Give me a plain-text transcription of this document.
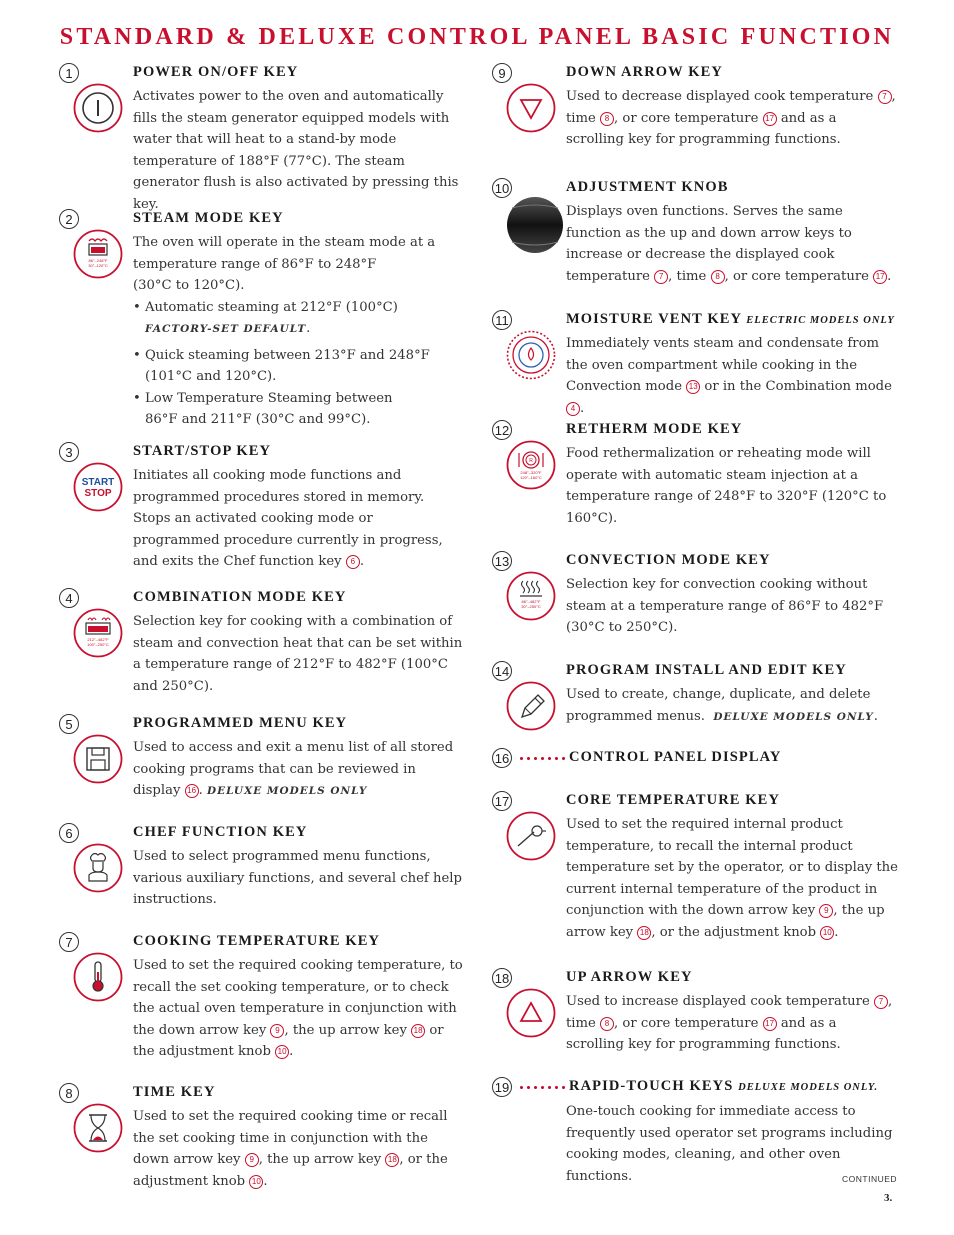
STANDARD & DELUXE CONTROL PANEL BASIC FUNCTION
1	POWER ON/OFF KEY
Activates power to the oven and automatically fills the steam generator equipped models with water that will heat to a stand-by mode temperature of 188°F (77°C). The steam generator flush is also activated by pressing this key.
2
86°–248°F
30°–120°C
STEAM MODE KEY

The oven will operate in the steam mode at a temperature range of 86°F to 248°F

(30°C to 120°C).

• Automatic steaming at 212°F (100°C)

FACTORY-SET DEFAULT.

• Quick steaming between 213°F and 248°F
(101°C and 120°C).
• Low Temperature Steaming between
86°F and 211°F (30°C and 99°C).
3
START
STOP
START/STOP KEY
Initiates all cooking mode functions and programmed procedures stored in memory. Stops an activated cooking mode or programmed procedure currently in progress, and exits the Chef function key 6 .
4
212°–482°F
100°–250°C
COMBINATION MODE KEY
Selection key for cooking with a combination of steam and convection heat that can be set within a temperature range of 212°F to 482°F (100°C and 250°C).
5	PROGRAMMED MENU KEY
Used to access and exit a menu list of all stored cooking programs that can be reviewed in display 16 . DELUXE MODELS ONLY
6	CHEF FUNCTION KEY
Used to select programmed menu functions, various auxiliary functions, and several chef help instructions.
7	COOKING TEMPERATURE KEY
Used to set the required cooking temperature, to recall the set cooking temperature, or to check the actual oven temperature in conjunction with the down arrow key 9 , the up arrow key 18 or the adjustment knob 10 .
8	TIME KEY
Used to set the required cooking time or recall the set cooking time in conjunction with the down arrow key 9 , the up arrow key 18 , or the adjustment knob 10 .
9	DOWN ARROW KEY
Used to decrease displayed cook temperature 7 , time 8 , or core temperature 17 and as a scrolling key for programming functions.
10	ADJUSTMENT KNOB
Displays oven functions. Serves the same function as the up and down arrow keys to increase or decrease the displayed cook temperature 7 , time 8 , or core temperature 17 .
11	MOISTURE VENT KEY ELECTRIC MODELS ONLY
Immediately vents steam and condensate from the oven compartment while cooking in the Convection mode 13 or in the Combination mode 4 .
12
R
248°–320°F
120°–160°C
RETHERM MODE KEY
Food rethermalization or reheating mode will operate with automatic steam injection at a temperature range of 248°F to 320°F (120°C to 160°C).
13
86°–482°F
30°–250°C
CONVECTION MODE KEY
Selection key for convection cooking without steam at a temperature range of 86°F to 482°F (30°C to 250°C).
14	PROGRAM INSTALL AND EDIT KEY
Used to create, change, duplicate, and delete programmed menus. DELUXE MODELS ONLY.
16	CONTROL PANEL DISPLAY
17	CORE TEMPERATURE KEY
Used to set the required internal product temperature, to recall the internal product temperature set by the operator, or to display the current internal temperature of the product in conjunction with the down arrow key 9 , the up arrow key 18 , or the adjustment knob 10 .
18	UP ARROW KEY
Used to increase displayed cook temperature 7 , time 8 , or core temperature 17 and as a scrolling key for programming functions.
19	RAPID-TOUCH KEYS DELUXE MODELS ONLY.
One-touch cooking for immediate access to frequently used operator set programs including cooking modes, cleaning, and other oven functions.	CONTINUED
3.
